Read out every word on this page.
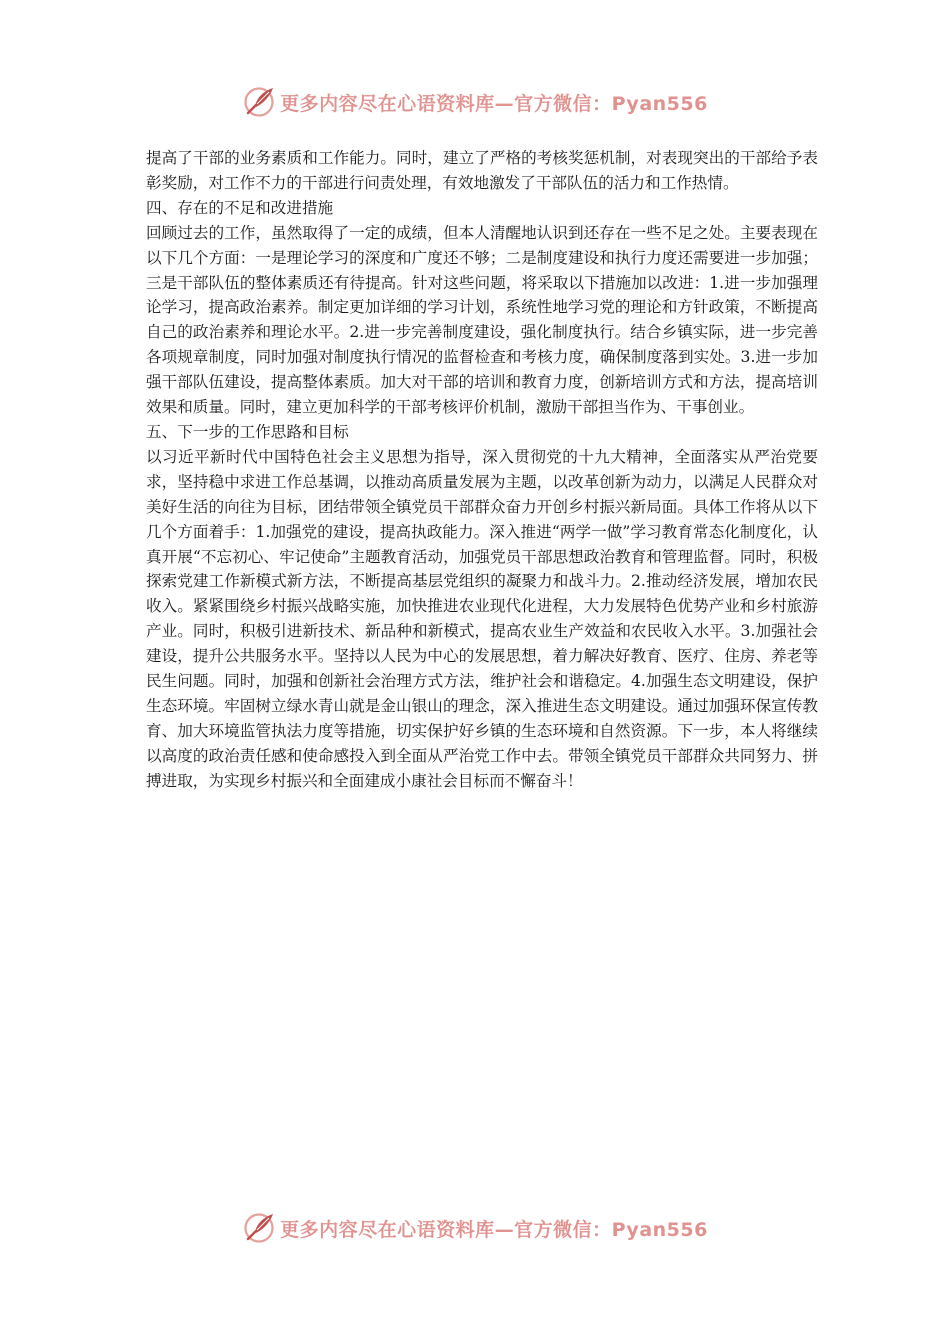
更多内容尽在心语资料库—官方微信：Pyan556

提高了干部的业务素质和工作能力。同时，建立了严格的考核奖惩机制，对表现突出的干部给予表彰奖励，对工作不力的干部进行问责处理，有效地激发了干部队伍的活力和工作热情。

四、存在的不足和改进措施

回顾过去的工作，虽然取得了一定的成绩，但本人清醒地认识到还存在一些不足之处。主要表现在以下几个方面：一是理论学习的深度和广度还不够；二是制度建设和执行力度还需要进一步加强；三是干部队伍的整体素质还有待提高。针对这些问题，将采取以下措施加以改进：1.进一步加强理论学习，提高政治素养。制定更加详细的学习计划，系统性地学习党的理论和方针政策，不断提高自己的政治素养和理论水平。2.进一步完善制度建设，强化制度执行。结合乡镇实际，进一步完善各项规章制度，同时加强对制度执行情况的监督检查和考核力度，确保制度落到实处。3.进一步加强干部队伍建设，提高整体素质。加大对干部的培训和教育力度，创新培训方式和方法，提高培训效果和质量。同时，建立更加科学的干部考核评价机制，激励干部担当作为、干事创业。

五、下一步的工作思路和目标

以习近平新时代中国特色社会主义思想为指导，深入贯彻党的十九大精神，全面落实从严治党要求，坚持稳中求进工作总基调，以推动高质量发展为主题，以改革创新为动力，以满足人民群众对美好生活的向往为目标，团结带领全镇党员干部群众奋力开创乡村振兴新局面。具体工作将从以下几个方面着手：1.加强党的建设，提高执政能力。深入推进“两学一做”学习教育常态化制度化，认真开展“不忘初心、牢记使命”主题教育活动，加强党员干部思想政治教育和管理监督。同时，积极探索党建工作新模式新方法，不断提高基层党组织的凝聚力和战斗力。2.推动经济发展，增加农民收入。紧紧围绕乡村振兴战略实施，加快推进农业现代化进程，大力发展特色优势产业和乡村旅游产业。同时，积极引进新技术、新品种和新模式，提高农业生产效益和农民收入水平。3.加强社会建设，提升公共服务水平。坚持以人民为中心的发展思想，着力解决好教育、医疗、住房、养老等民生问题。同时，加强和创新社会治理方式方法，维护社会和谐稳定。4.加强生态文明建设，保护生态环境。牢固树立绿水青山就是金山银山的理念，深入推进生态文明建设。通过加强环保宣传教育、加大环境监管执法力度等措施，切实保护好乡镇的生态环境和自然资源。下一步，本人将继续以高度的政治责任感和使命感投入到全面从严治党工作中去。带领全镇党员干部群众共同努力、拼搏进取，为实现乡村振兴和全面建成小康社会目标而不懈奋斗！

更多内容尽在心语资料库—官方微信：Pyan556
